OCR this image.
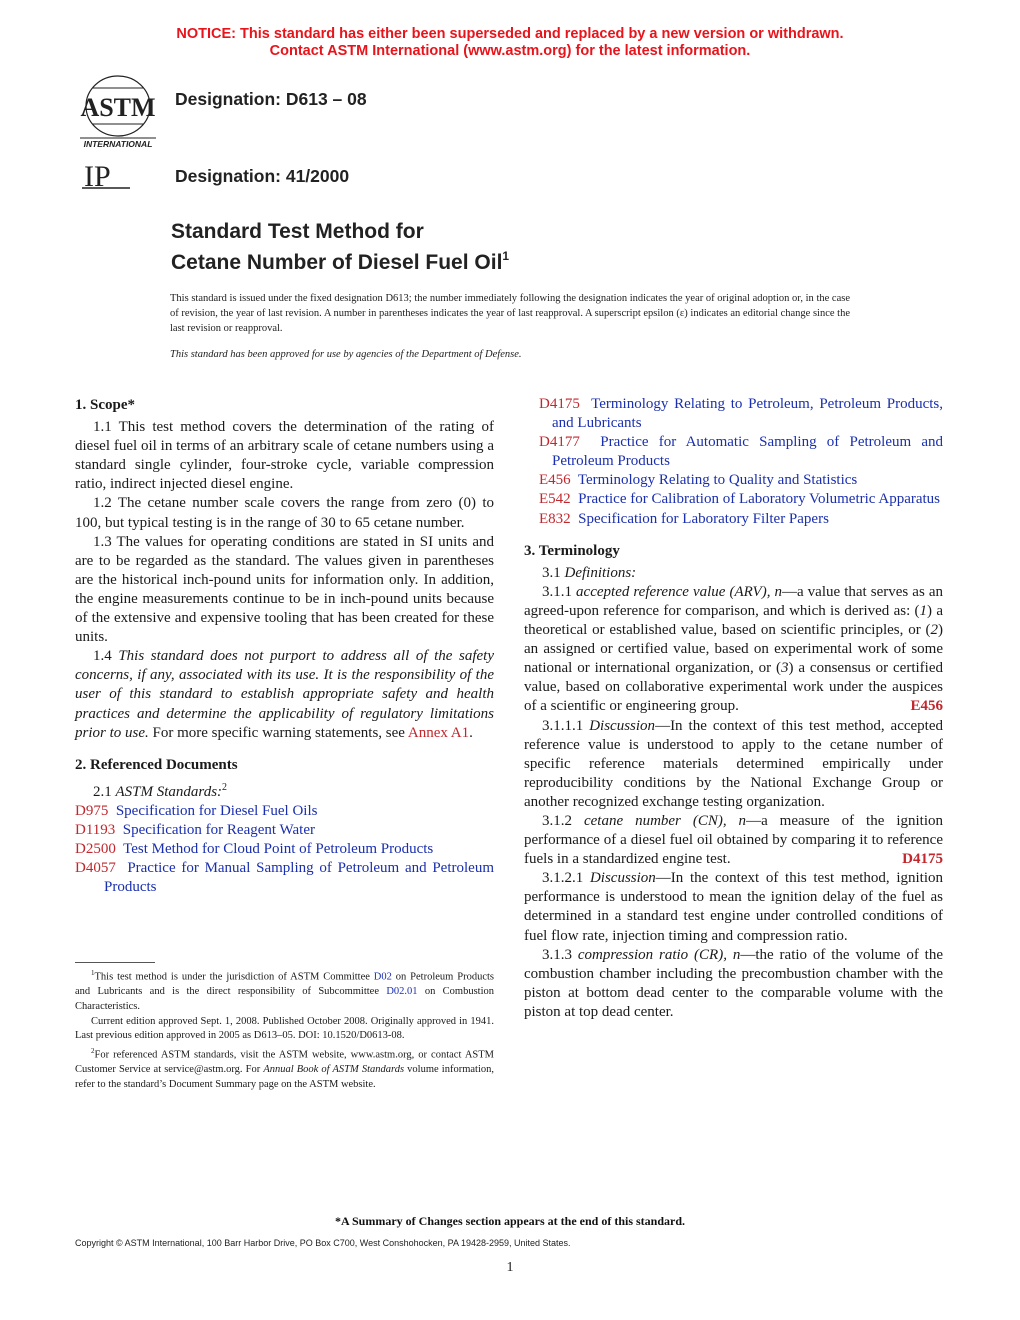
NOTICE: This standard has either been superseded and replaced by a new version or withdrawn.
Contact ASTM International (www.astm.org) for the latest information.
ASTM
INTERNATIONAL
Designation: D613 – 08
IP	Designation: 41/2000
Standard Test Method for
Cetane Number of Diesel Fuel Oil$^1$
This standard is issued under the fixed designation D613; the number immediately following the designation indicates the year of original adoption or, in the case of revision, the year of last revision. A number in parentheses indicates the year of last reapproval. A superscript epsilon (ε) indicates an editorial change since the last revision or reapproval.
This standard has been approved for use by agencies of the Department of Defense.
1. Scope*

1.1 This test method covers the determination of the rating of diesel fuel oil in terms of an arbitrary scale of cetane numbers using a standard single cylinder, four-stroke cycle, variable compression ratio, indirect injected diesel engine.

1.2 The cetane number scale covers the range from zero (0) to 100, but typical testing is in the range of 30 to 65 cetane number.

1.3 The values for operating conditions are stated in SI units and are to be regarded as the standard. The values given in parentheses are the historical inch-pound units for information only. In addition, the engine measurements continue to be in inch-pound units because of the extensive and expensive tooling that has been created for these units.

1.4 This standard does not purport to address all of the safety concerns, if any, associated with its use. It is the responsibility of the user of this standard to establish appropriate safety and health practices and determine the applicability of regulatory limitations prior to use. For more specific warning statements, see Annex A1.

2. Referenced Documents

2.1 ASTM Standards:$^2$

D975 Specification for Diesel Fuel Oils
D1193 Specification for Reagent Water
D2500 Test Method for Cloud Point of Petroleum Products
D4057 Practice for Manual Sampling of Petroleum and Petroleum Products

$^1$This test method is under the jurisdiction of ASTM Committee D02 on Petroleum Products and Lubricants and is the direct responsibility of Subcommittee D02.01 on Combustion Characteristics.

Current edition approved Sept. 1, 2008. Published October 2008. Originally approved in 1941. Last previous edition approved in 2005 as D613–05. DOI: 10.1520/D0613-08.

$^2$For referenced ASTM standards, visit the ASTM website, www.astm.org, or contact ASTM Customer Service at service@astm.org. For Annual Book of ASTM Standards volume information, refer to the standard’s Document Summary page on the ASTM website.

D4175 Terminology Relating to Petroleum, Petroleum Products, and Lubricants
D4177 Practice for Automatic Sampling of Petroleum and Petroleum Products
E456 Terminology Relating to Quality and Statistics
E542 Practice for Calibration of Laboratory Volumetric Apparatus
E832 Specification for Laboratory Filter Papers
3. Terminology

3.1 Definitions:

3.1.1 accepted reference value (ARV), n—a value that serves as an agreed-upon reference for comparison, and which is derived as: (1) a theoretical or established value, based on scientific principles, or (2) an assigned or certified value, based on experimental work of some national or international organization, or (3) a consensus or certified value, based on collaborative experimental work under the auspices of a scientific or engineering group.	E456

3.1.1.1 Discussion—In the context of this test method, accepted reference value is understood to apply to the cetane number of specific reference materials determined empirically under reproducibility conditions by the National Exchange Group or another recognized exchange testing organization.

3.1.2 cetane number (CN), n—a measure of the ignition performance of a diesel fuel oil obtained by comparing it to reference fuels in a standardized engine test.	D4175

3.1.2.1 Discussion—In the context of this test method, ignition performance is understood to mean the ignition delay of the fuel as determined in a standard test engine under controlled conditions of fuel flow rate, injection timing and compression ratio.

3.1.3 compression ratio (CR), n—the ratio of the volume of the combustion chamber including the precombustion chamber with the piston at bottom dead center to the comparable volume with the piston at top dead center.

*A Summary of Changes section appears at the end of this standard.
Copyright © ASTM International, 100 Barr Harbor Drive, PO Box C700, West Conshohocken, PA 19428-2959, United States.
1
